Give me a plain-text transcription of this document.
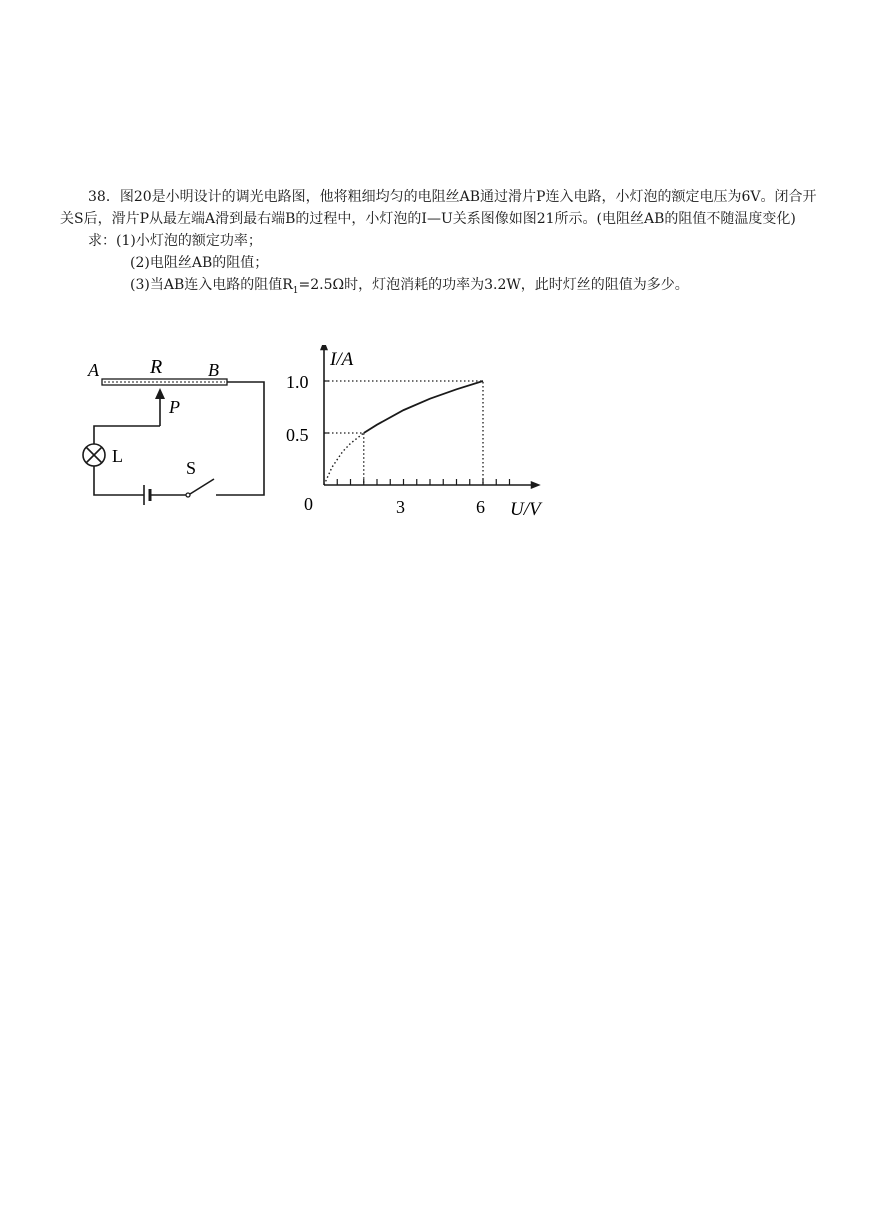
38．图20是小明设计的调光电路图，他将粗细均匀的电阻丝AB通过滑片P连入电路，小灯泡的额定电压为6V。闭合开关S后，滑片P从最左端A滑到最右端B的过程中，小灯泡的I—U关系图像如图21所示。(电阻丝AB的阻值不随温度变化)

求：(1)小灯泡的额定功率；

(2)电阻丝AB的阻值；

(3)当AB连入电路的阻值$R_1=2.5\Omega$时，灯泡消耗的功率为3.2W，此时灯丝的阻值为多少。

A	R	B
P
L
S
I/A
U/V
0
0.5
1.0
3	6
